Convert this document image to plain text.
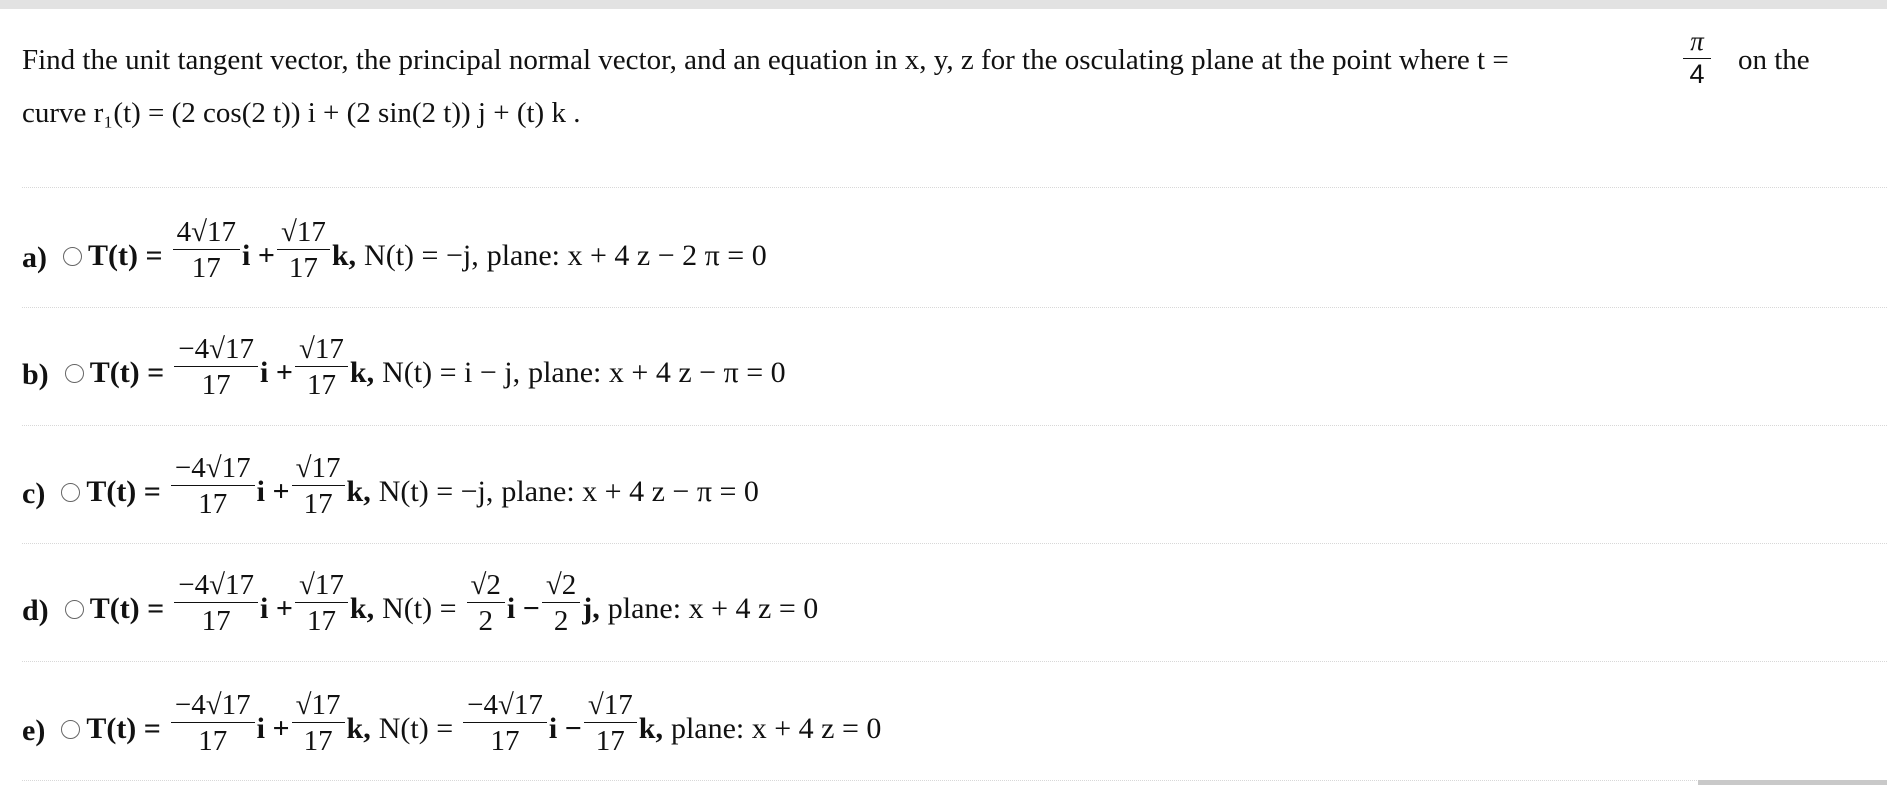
Find the unit tangent vector, the principal normal vector, and an equation in x, y, z for the osculating plane at the point where t =
π
4	on the
curve r₁(t) = (2 cos(2 t)) i + (2 sin(2 t)) j + (t) k .
a) $T(t) = \frac{4√17}{17}$ $i + \frac{√17}{17} k$, N(t) = −j, plane: x + 4 z − 2 π = 0
b) $T(t) = \frac{-4√17}{17}$ $i + \frac{√17}{17} k$, N(t) = i − j, plane: x + 4 z − π = 0
c) $T(t) = \frac{-4√17}{17}$ $i + \frac{√17}{17} k$, N(t) = −j, plane: x + 4 z − π = 0
d) $T(t) = \frac{-4√17}{17}$ $i + \frac{√17}{17} k$, $N(t) = \frac{√2}{2}$ $i - \frac{√2}{2} j$, plane: x + 4 z = 0
e) $T(t) = \frac{-4√17}{17}$ $i + \frac{√17}{17} k$, $N(t) = \frac{-4√17}{17}$ $i - \frac{√17}{17} k$, plane: x + 4 z = 0
